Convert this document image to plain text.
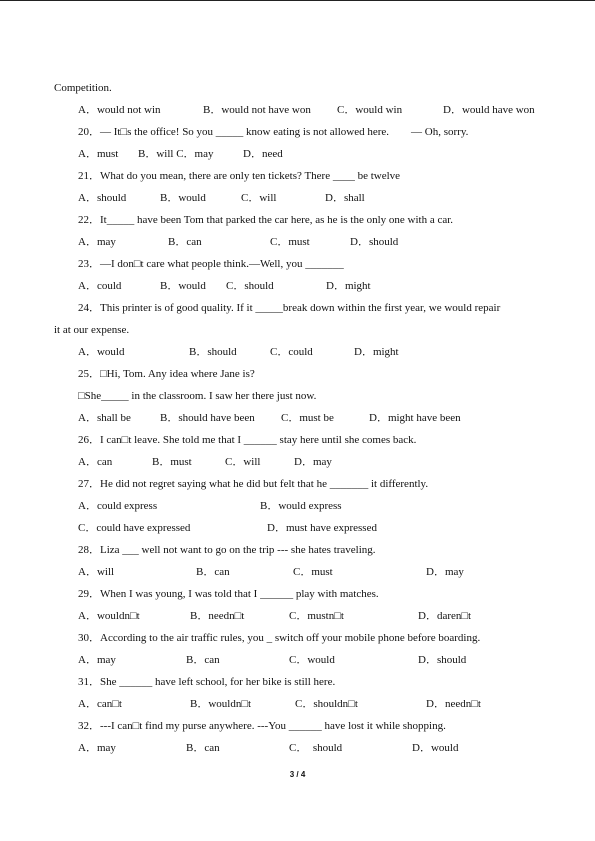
Competition.
A．would not win	B．would not have won C．would win	D．would have won
20．— It□s the office! So you _____ know eating is not allowed here.        — Oh, sorry.
A．must B．will C．may	D．need
21．What do you mean, there are only ten tickets? There ____ be twelve
A．should	B．would	C．will	D．shall
22．It_____ have been Tom that parked the car here, as he is the only one with a car.
A．may	B．can	C．must	D．should
23．—I don□t care what people think.—Well, you _______
A．could	B．would C．should	D．might
24．This printer is of good quality. If it _____break down within the first year, we would repair
it at our expense.
A．would	B．should	C．could	D．might
25．□Hi, Tom. Any idea where Jane is?
□She_____ in the classroom. I saw her there just now.
A．shall be	B．should have been C．must be	D．might have been
26．I can□t leave. She told me that I ______ stay here until she comes back.
A．can	B．must	C．will	D．may
27．He did not regret saying what he did but felt that he _______ it differently.
A．could express	B．would express
C．could have expressed	D．must have expressed
28．Liza ___ well not want to go on the trip --- she hates traveling.
A．will	B．can	C．must	D．may
29．When I was young, I was told that I ______ play with matches.
A．wouldn□t	B．needn□t	C．mustn□t	D．daren□t
30．According to the air traffic rules, you _ switch off your mobile phone before boarding.
A．may	B．can	C．would	D．should
31．She ______ have left school, for her bike is still here.
A．can□t	B．wouldn□t	C．shouldn□t	D．needn□t
32．---I can□t find my purse anywhere. ---You ______ have lost it while shopping.
A．may	B．can	C．  should	D．would
3 / 4
